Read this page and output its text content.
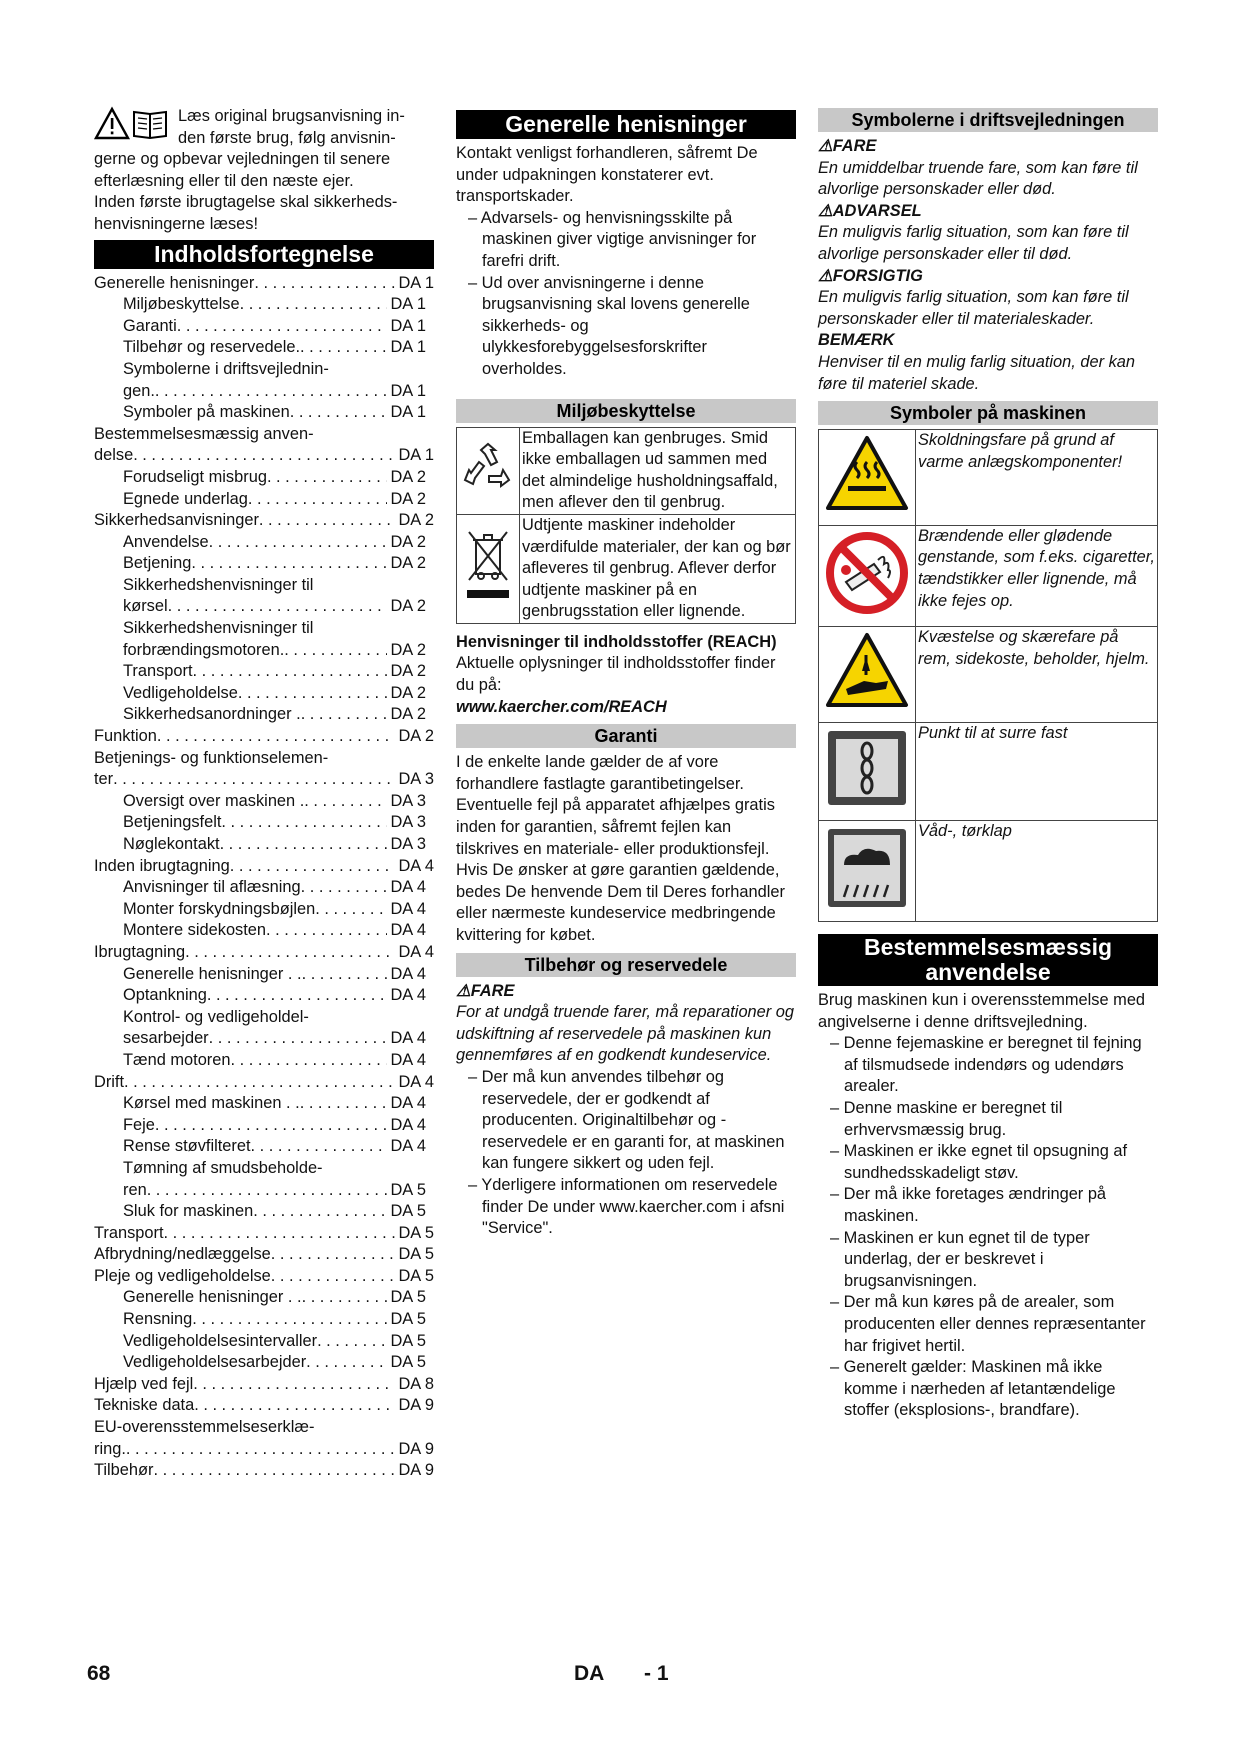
Læs original brugsanvisning in-
den første brug, følg anvisnin-
gerne og opbevar vejledningen til senere efterlæsning eller til den næste ejer.
Inden første ibrugtagelse skal sikkerheds-henvisningerne læses!
Indholdsfortegnelse
Generelle henisninger . . .	DA 1
Miljøbeskyttelse . . .	DA 1
Garanti . . .	DA 1
Tilbehør og reservedele. . . .	DA 1
Symbolerne i driftsvejlednin-
gen. . . .	DA 1
Symboler på maskinen . . .	DA 1
Bestemmelsesmæssig anven-
delse . . .	DA 1
Forudseligt misbrug . . .	DA 2
Egnede underlag . . .	DA 2
Sikkerhedsanvisninger . . .	DA 2
Anvendelse . . .	DA 2
Betjening . . .	DA 2
Sikkerhedshenvisninger til
kørsel . . .	DA 2
Sikkerhedshenvisninger til
forbrændingsmotoren. . . .	DA 2
Transport . . .	DA 2
Vedligeholdelse . . .	DA 2
Sikkerhedsanordninger . . . .	DA 2
Funktion . . .	DA 2
Betjenings- og funktionselemen-
ter . . .	DA 3
Oversigt over maskinen . . . .	DA 3
Betjeningsfelt . . .	DA 3
Nøglekontakt . . .	DA 3
Inden ibrugtagning . . .	DA 4
Anvisninger til aflæsning . . .	DA 4
Monter forskydningsbøjlen . . .	DA 4
Montere sidekosten . . .	DA 4
Ibrugtagning . . .	DA 4
Generelle henisninger . . . . .	DA 4
Optankning . . .	DA 4
Kontrol- og vedligeholdel-
sesarbejder . . .	DA 4
Tænd motoren . . .	DA 4
Drift . . .	DA 4
Kørsel med maskinen . . . . .	DA 4
Feje . . .	DA 4
Rense støvfilteret . . .	DA 4
Tømning af smudsbeholde-
ren . . .	DA 5
Sluk for maskinen . . .	DA 5
Transport . . .	DA 5
Afbrydning/nedlæggelse . . .	DA 5
Pleje og vedligeholdelse . . .	DA 5
Generelle henisninger . . . . .	DA 5
Rensning . . .	DA 5
Vedligeholdelsesintervaller . . .	DA 5
Vedligeholdelsesarbejder . . .	DA 5
Hjælp ved fejl . . .	DA 8
Tekniske data . . .	DA 9
EU-overensstemmelseserklæ-
ring. . . .	DA 9
Tilbehør . . .	DA 9
Generelle henisninger
Kontakt venligst forhandleren, såfremt De under udpakningen konstaterer evt. transportskader.
– Advarsels- og henvisningsskilte på maskinen giver vigtige anvisninger for farefri drift.
– Ud over anvisningerne i denne brugsanvisning skal lovens generelle sikkerheds- og ulykkesforebyggelsesforskrifter overholdes.
Miljøbeskyttelse
	Emballagen kan genbruges. Smid ikke emballagen ud sammen med det almindelige husholdningsaffald, men aflever den til genbrug.
	Udtjente maskiner indeholder værdifulde materialer, der kan og bør afleveres til genbrug. Aflever derfor udtjente maskiner på en genbrugsstation eller lignende.
Henvisninger til indholdsstoffer (REACH)
Aktuelle oplysninger til indholdsstoffer finder du på:
www.kaercher.com/REACH
Garanti
I de enkelte lande gælder de af vore forhandlere fastlagte garantibetingelser. Eventuelle fejl på apparatet afhjælpes gratis inden for garantien, såfremt fejlen kan tilskrives en materiale- eller produktionsfejl. Hvis De ønsker at gøre garantien gældende, bedes De henvende Dem til Deres forhandler eller nærmeste kundeservice medbringende kvittering for købet.
Tilbehør og reservedele
⚠FARE
For at undgå truende farer, må reparationer og udskiftning af reservedele på maskinen kun gennemføres af en godkendt kundeservice.
– Der må kun anvendes tilbehør og reservedele, der er godkendt af producenten. Originaltilbehør og -reservedele er en garanti for, at maskinen kan fungere sikkert og uden fejl.
– Yderligere informationen om reservedele finder De under www.kaercher.com i afsni "Service".
Symbolerne i driftsvejledningen
⚠FARE
En umiddelbar truende fare, som kan føre til alvorlige personskader eller død.
⚠ADVARSEL
En muligvis farlig situation, som kan føre til alvorlige personskader eller til død.
⚠FORSIGTIG
En muligvis farlig situation, som kan føre til personskader eller til materialeskader.
BEMÆRK
Henviser til en mulig farlig situation, der kan føre til materiel skade.
Symboler på maskinen
	Skoldningsfare på grund af varme anlægskomponenter!
	Brændende eller glødende genstande, som f.eks. cigaretter, tændstikker eller lignende, må ikke fejes op.
	Kvæstelse og skærefare på rem, sidekoste, beholder, hjelm.
	Punkt til at surre fast
	Våd-, tørklap
Bestemmelsesmæssig anvendelse
Brug maskinen kun i overensstemmelse med angivelserne i denne driftsvejledning.
– Denne fejemaskine er beregnet til fejning af tilsmudsede indendørs og udendørs arealer.
– Denne maskine er beregnet til erhvervsmæssig brug.
– Maskinen er ikke egnet til opsugning af sundhedsskadeligt støv.
– Der må ikke foretages ændringer på maskinen.
– Maskinen er kun egnet til de typer underlag, der er beskrevet i brugsanvisningen.
– Der må kun køres på de arealer, som producenten eller dennes repræsentanter har frigivet hertil.
– Generelt gælder: Maskinen må ikke komme i nærheden af letantændelige stoffer (eksplosions-, brandfare).
68	DA - 1
